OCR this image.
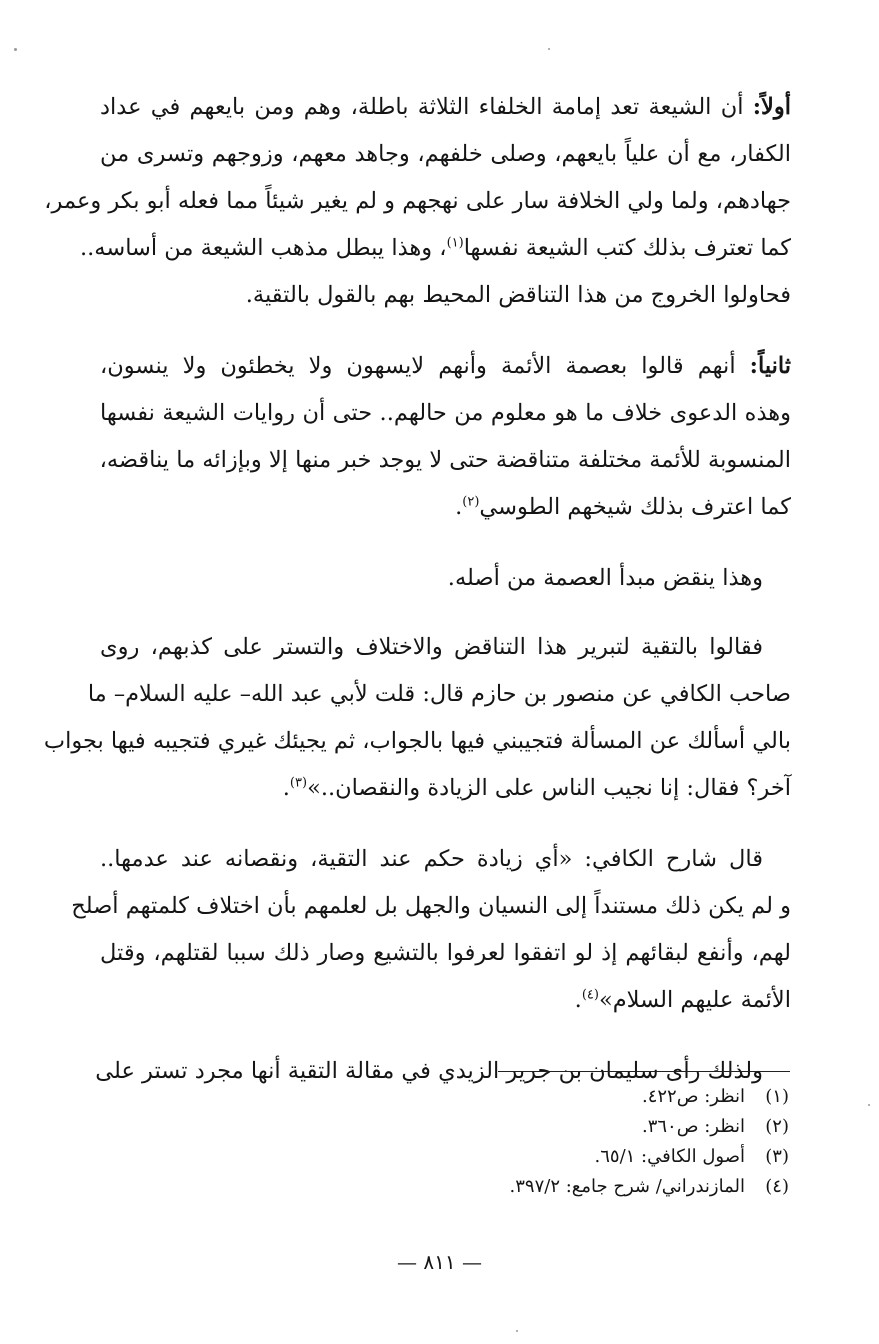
أولاً: أن الشيعة تعد إمامة الخلفاء الثلاثة باطلة، وهم ومن بايعهم في عداد
الكفار، مع أن علياً بايعهم، وصلى خلفهم، وجاهد معهم، وزوجهم وتسرى من
جهادهم، ولما ولي الخلافة سار على نهجهم و لم يغير شيئاً مما فعله أبو بكر وعمر،
كما تعترف بذلك كتب الشيعة نفسها$^{(١)}$، وهذا يبطل مذهب الشيعة من أساسه..
فحاولوا الخروج من هذا التناقض المحيط بهم بالقول بالتقية.
ثانياً: أنهم قالوا بعصمة الأئمة وأنهم لايسهون ولا يخطئون ولا ينسون،
وهذه الدعوى خلاف ما هو معلوم من حالهم.. حتى أن روايات الشيعة نفسها
المنسوبة للأئمة مختلفة متناقضة حتى لا يوجد خبر منها إلا وبإزائه ما يناقضه،
كما اعترف بذلك شيخهم الطوسي$^{(٢)}$.
وهذا ينقض مبدأ العصمة من أصله.
فقالوا بالتقية لتبرير هذا التناقض والاختلاف والتستر على كذبهم، روى
صاحب الكافي عن منصور بن حازم قال: قلت لأبي عبد الله– عليه السلام– ما
بالي أسألك عن المسألة فتجيبني فيها بالجواب، ثم يجيئك غيري فتجيبه فيها بجواب
آخر؟ فقال: إنا نجيب الناس على الزيادة والنقصان..»$^{(٣)}$.
قال شارح الكافي: «أي زيادة حكم عند التقية، ونقصانه عند عدمها..
و لم يكن ذلك مستنداً إلى النسيان والجهل بل لعلمهم بأن اختلاف كلمتهم أصلح
لهم، وأنفع لبقائهم إذ لو اتفقوا لعرفوا بالتشيع وصار ذلك سببا لقتلهم، وقتل
الأئمة عليهم السلام»$^{(٤)}$.
ولذلك رأى سليمان بن جرير الزيدي في مقالة التقية أنها مجرد تستر على
(١)انظر: ص٤٢٢.
(٢)انظر: ص٣٦٠.
(٣)أصول الكافي: ٦٥/١.
(٤)المازندراني/ شرح جامع: ٣٩٧/٢.
— ٨١١ —
